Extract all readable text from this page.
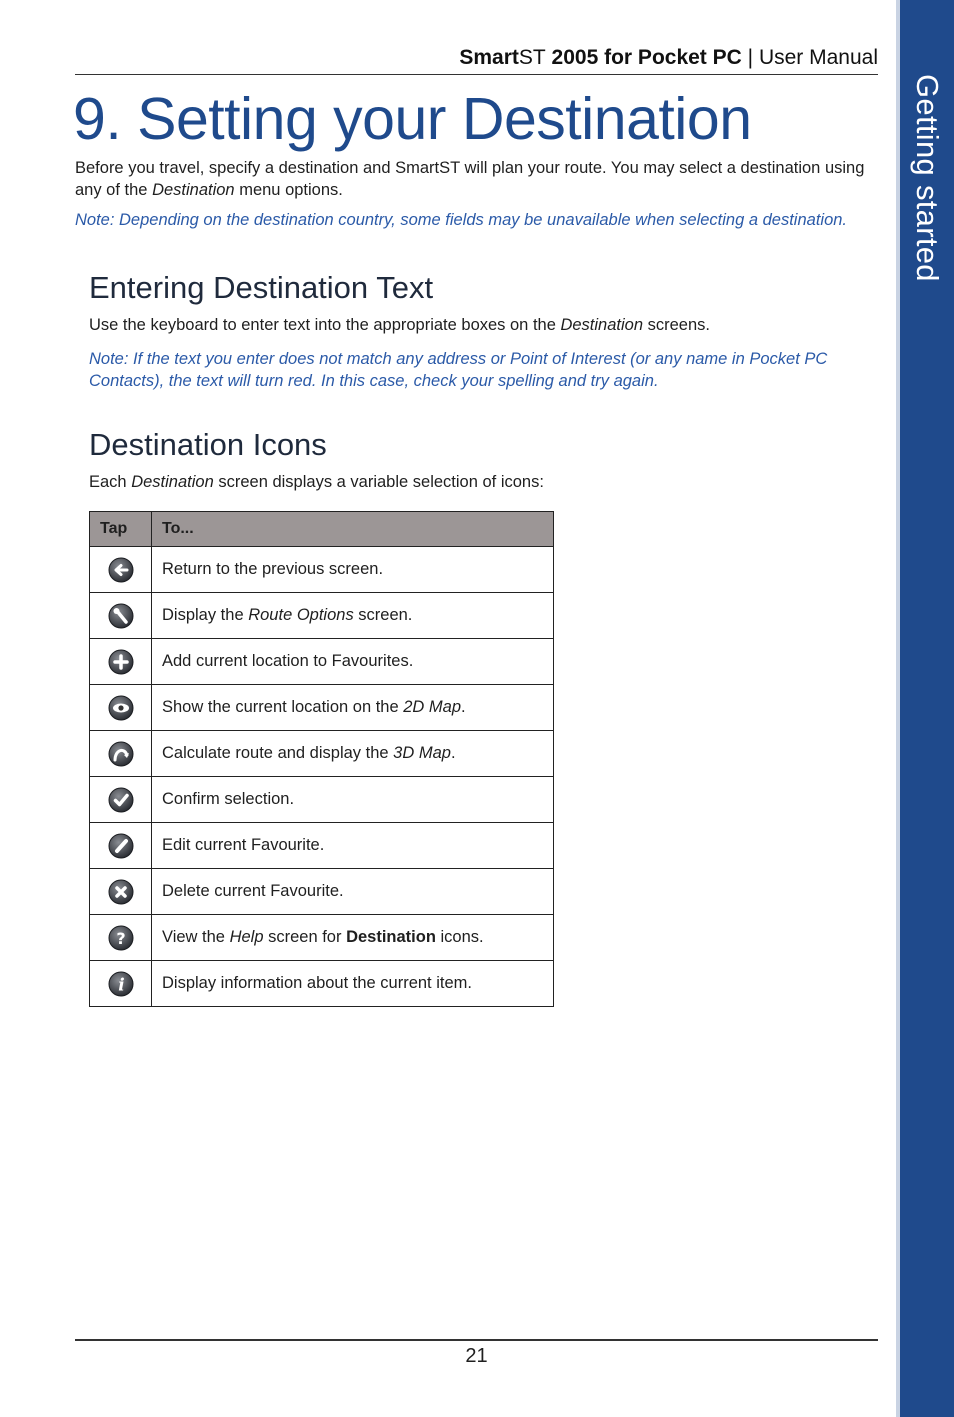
Getting started
SmartST 2005 for Pocket PC | User Manual
9. Setting your Destination
Before you travel, specify a destination and SmartST will plan your route. You may select a destination using any of the Destination menu options.
Note: Depending on the destination country, some fields may be unavailable when selecting a destination.
Entering Destination Text
Use the keyboard to enter text into the appropriate boxes on the Destination screens.
Note: If the text you enter does not match any address or Point of Interest (or any name in Pocket PC Contacts), the text will turn red. In this case, check your spelling and try again.
Destination Icons
Each Destination screen displays a variable selection of icons:
Tap	To...
	Return to the previous screen.
	Display the Route Options screen.
	Add current location to Favourites.
	Show the current location on the 2D Map.
	Calculate route and display the 3D Map.
	Confirm selection.
	Edit current Favourite.
	Delete current Favourite.

?	View the Help screen for Destination icons.

i	Display information about the current item.
21
